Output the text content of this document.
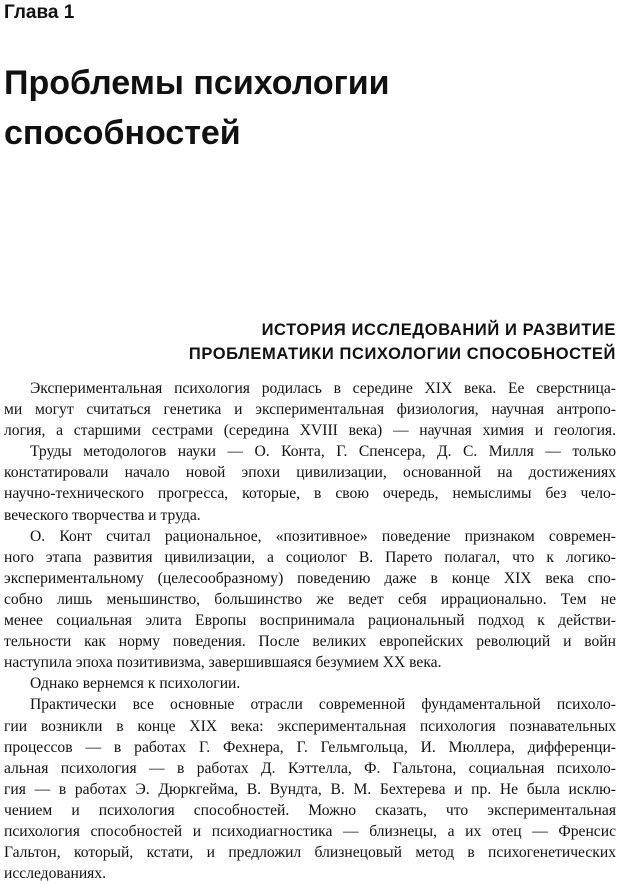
Глава 1
Проблемы психологии
способностей
ИСТОРИЯ ИССЛЕДОВАНИЙ И РАЗВИТИЕ
ПРОБЛЕМАТИКИ ПСИХОЛОГИИ СПОСОБНОСТЕЙ
Экспериментальная психология родилась в середине XIX века. Ее сверстница-
ми могут считаться генетика и экспериментальная физиология, научная антропо-
логия, а старшими сестрами (середина XVIII века) — научная химия и геология.
Труды методологов науки — О. Конта, Г. Спенсера, Д. С. Милля — только
констатировали начало новой эпохи цивилизации, основанной на достижениях
научно-технического прогресса, которые, в свою очередь, немыслимы без чело-
веческого творчества и труда.
О. Конт считал рациональное, «позитивное» поведение признаком современ-
ного этапа развития цивилизации, а социолог В. Парето полагал, что к логико-
экспериментальному (целесообразному) поведению даже в конце XIX века спо-
собно лишь меньшинство, большинство же ведет себя иррационально. Тем не
менее социальная элита Европы воспринимала рациональный подход к действи-
тельности как норму поведения. После великих европейских революций и войн
наступила эпоха позитивизма, завершившаяся безумием XX века.
Однако вернемся к психологии.
Практически все основные отрасли современной фундаментальной психоло-
гии возникли в конце XIX века: экспериментальная психология познавательных
процессов — в работах Г. Фехнера, Г. Гельмгольца, И. Мюллера, дифференци-
альная психология — в работах Д. Кэттелла, Ф. Гальтона, социальная психоло-
гия — в работах Э. Дюркгейма, В. Вундта, В. М. Бехтерева и пр. Не была исклю-
чением и психология способностей. Можно сказать, что экспериментальная
психология способностей и психодиагностика — близнецы, а их отец — Френсис
Гальтон, который, кстати, и предложил близнецовый метод в психогенетических
исследованиях.
